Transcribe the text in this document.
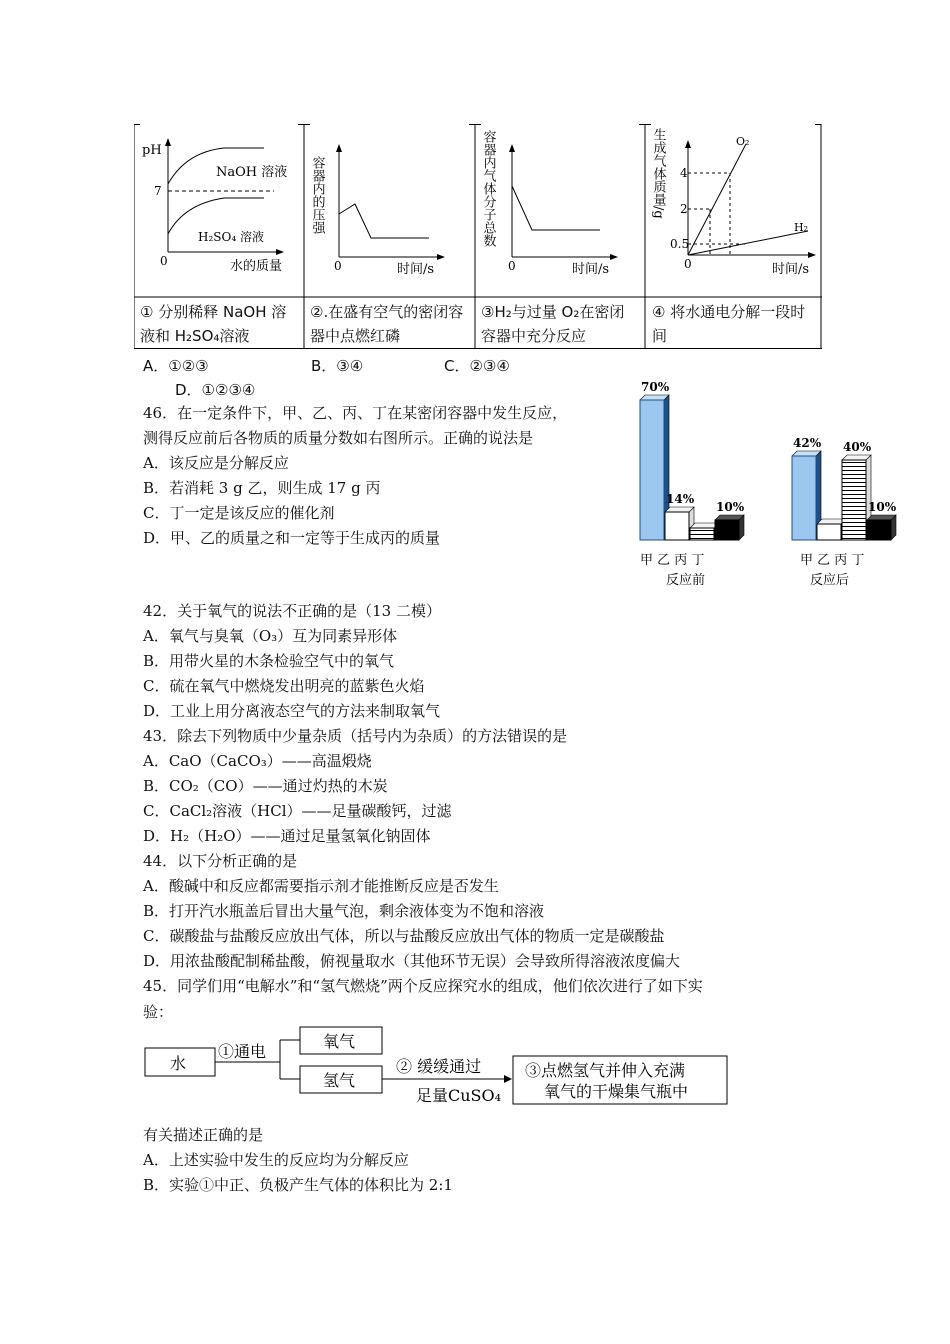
pH
7
0	水的质量
NaOH 溶液
H₂SO₄ 溶液
容器内的压强
0	时间/s
容器内气体分子总数
0	时间/s
生成气体质量/g 4
2
0.5
0	时间/s
O₂
H₂
① 分别稀释 NaOH 溶液和 H₂SO₄溶液
②.在盛有空气的密闭容器中点燃红磷
③H₂与过量 O₂在密闭容器中充分反应
④ 将水通电分解一段时间
A．①②③	B．③④	C．②③④
D．①②③④
46．在一定条件下，甲、乙、丙、丁在某密闭容器中发生反应，
测得反应前后各物质的质量分数如右图所示。正确的说法是
A．该反应是分解反应
B．若消耗 3 g 乙，则生成 17 g 丙
C．丁一定是该反应的催化剂
D．甲、乙的质量之和一定等于生成丙的质量
70%
14%
10%
42% 40%
10%
甲 乙 丙 丁
反应前
甲 乙 丙 丁
反应后
42．关于氧气的说法不正确的是（13 二模）
A．氧气与臭氧（O₃）互为同素异形体
B．用带火星的木条检验空气中的氧气
C．硫在氧气中燃烧发出明亮的蓝紫色火焰
D．工业上用分离液态空气的方法来制取氧气
43．除去下列物质中少量杂质（括号内为杂质）的方法错误的是
A．CaO（CaCO₃）——高温煅烧
B．CO₂（CO）——通过灼热的木炭
C．CaCl₂溶液（HCl）——足量碳酸钙，过滤
D．H₂（H₂O）——通过足量氢氧化钠固体
44．以下分析正确的是
A．酸碱中和反应都需要指示剂才能推断反应是否发生
B．打开汽水瓶盖后冒出大量气泡，剩余液体变为不饱和溶液
C．碳酸盐与盐酸反应放出气体，所以与盐酸反应放出气体的物质一定是碳酸盐
D．用浓盐酸配制稀盐酸，俯视量取水（其他环节无误）会导致所得溶液浓度偏大
45．同学们用“电解水”和“氢气燃烧”两个反应探究水的组成，他们依次进行了如下实
验：
水
①通电
氧气
氢气
② 缓缓通过
足量CuSO₄
③点燃氢气并伸入充满
氧气的干燥集气瓶中
有关描述正确的是
A．上述实验中发生的反应均为分解反应
B．实验①中正、负极产生气体的体积比为 2:1
